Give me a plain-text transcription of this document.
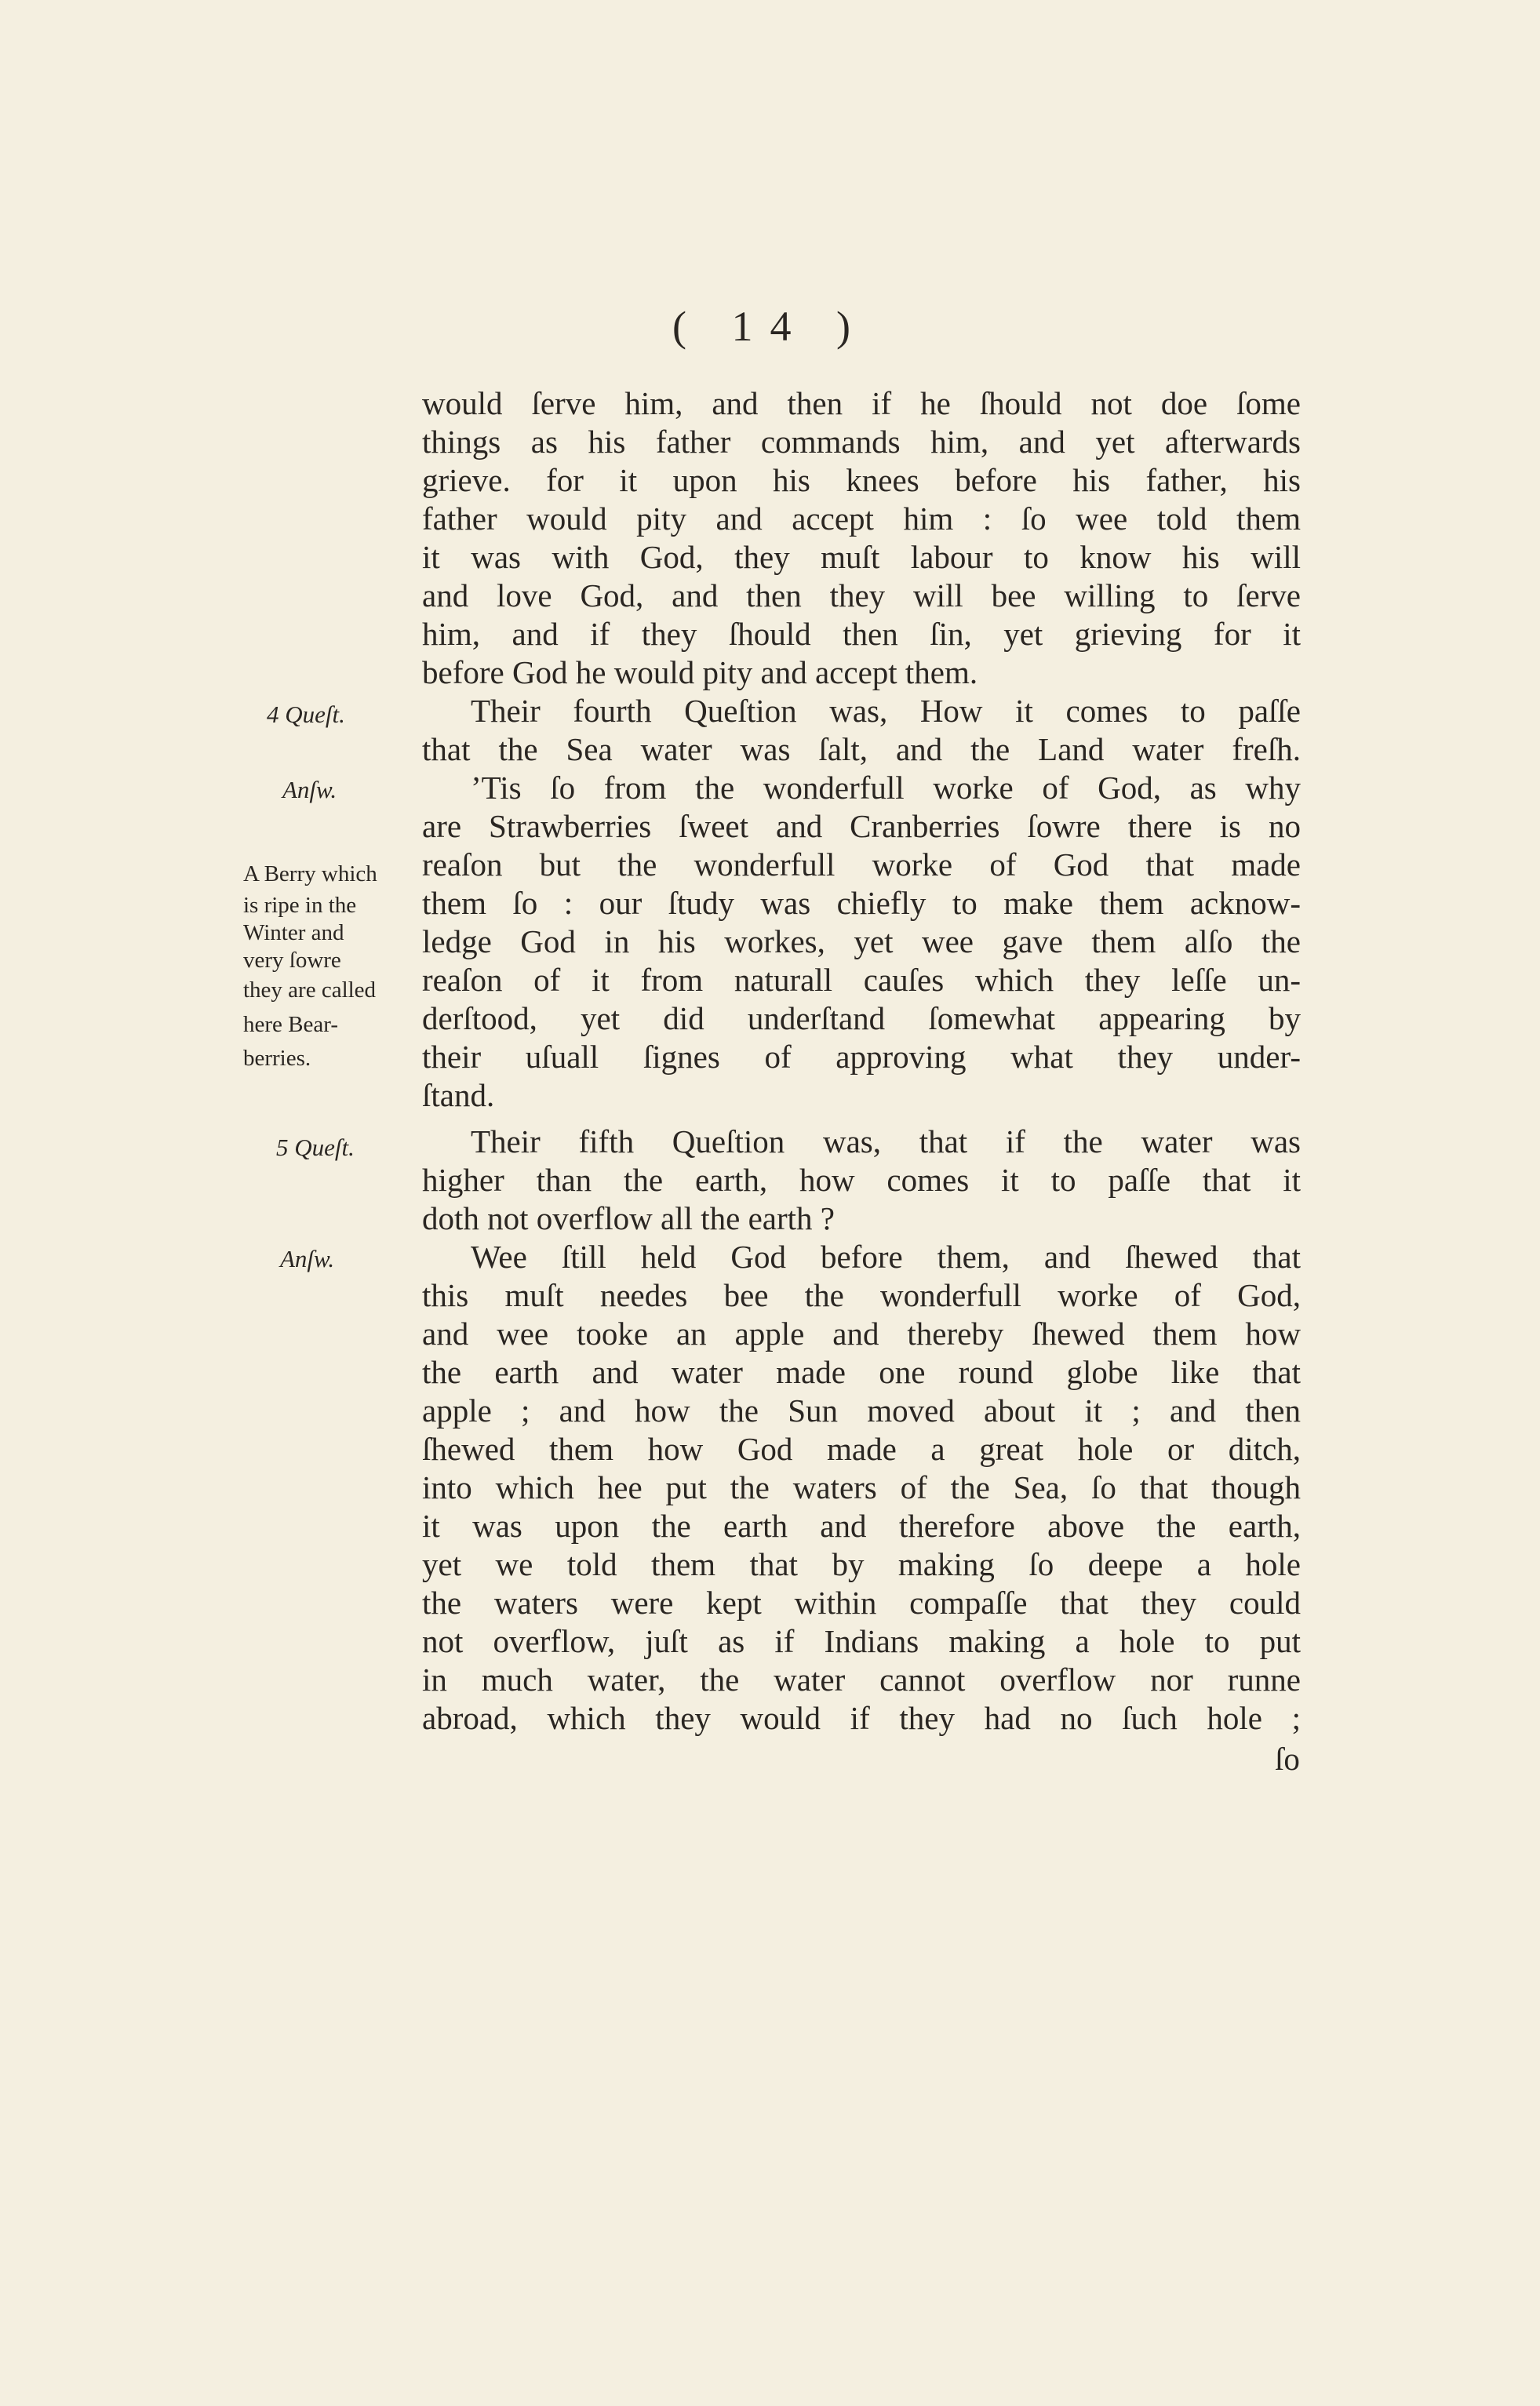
( 14 )
would ſerve him, and then if he ſhould not doe ſome
things as his father commands him, and yet afterwards
grieve. for it upon his knees before his father, his
father would pity and accept him : ſo wee told them
it was with God, they muſt labour to know his will
and love God, and then they will bee willing to ſerve
him, and if they ſhould then ſin, yet grieving for it
before God he would pity and accept them.
Their fourth Queſtion was, How it comes to paſſe
that the Sea water was ſalt, and the Land water freſh.
’Tis ſo from the wonderfull worke of God, as why
are Strawberries ſweet and Cranberries ſowre there is no
reaſon but the wonderfull worke of God that made
them ſo : our ſtudy was chiefly to make them acknow-
ledge God in his workes, yet wee gave them alſo the
reaſon of it from naturall cauſes which they leſſe un-
derſtood, yet did underſtand ſomewhat appearing by
their uſuall ſignes of approving what they under-
ſtand.
Their fifth Queſtion was, that if the water was
higher than the earth, how comes it to paſſe that it
doth not overflow all the earth ?
Wee ſtill held God before them, and ſhewed that
this muſt needes bee the wonderfull worke of God,
and wee tooke an apple and thereby ſhewed them how
the earth and water made one round globe like that
apple ; and how the Sun moved about it ; and then
ſhewed them how God made a great hole or ditch,
into which hee put the waters of the Sea, ſo that though
it was upon the earth and therefore above the earth,
yet we told them that by making ſo deepe a hole
the waters were kept within compaſſe that they could
not overflow, juſt as if Indians making a hole to put
in much water, the water cannot overflow nor runne
abroad, which they would if they had no ſuch hole ;
ſo
4 Queſt.
Anſw.
A Berry which
is ripe in the
Winter and
very ſowre
they are called
here Bear-
berries.
5 Queſt.
Anſw.
